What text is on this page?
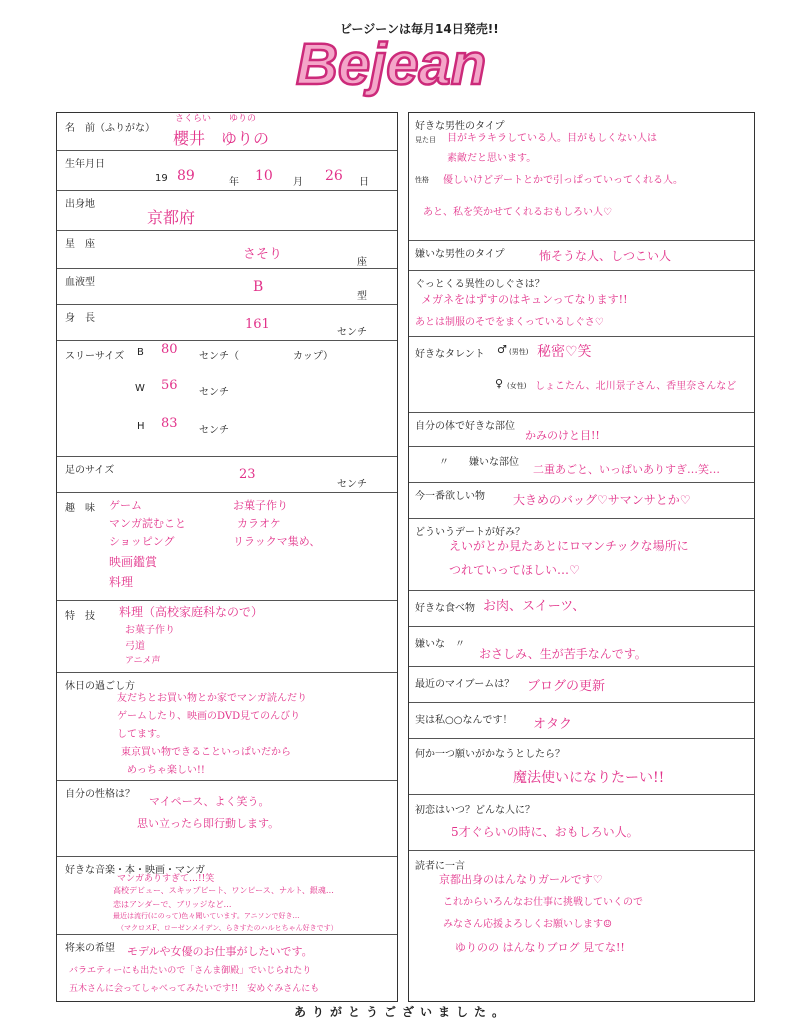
ビージーンは毎月14日発売!!
Bejean
名　前（ふりがな）
さくらい　　ゆりの
櫻井　ゆりの
生年月日
19 89	年 10 月 26 日
出身地
京都府
星　座
さそり
座
血液型	B
型
身　長	161
センチ
スリーサイズ B 80 センチ（	カップ）
W 56 センチ
H 83 センチ
足のサイズ	23
センチ
趣　味 ゲーム
マンガ読むこと
ショッピング
映画鑑賞
料理
お菓子作り
カラオケ
リラックマ集め、
特　技 料理（高校家庭科なので）
お菓子作り
弓道
アニメ声
休日の過ごし方
友だちとお買い物とか家でマンガ読んだり
ゲームしたり、映画のDVD見てのんびり
してます。
東京買い物できることいっぱいだから
めっちゃ楽しい!!
自分の性格は？
マイペース、よく笑う。
思い立ったら即行動します。
好きな音楽・本・映画・マンガ
マンガありすぎて…!!笑
高校デビュー、スキップビート、ワンピース、ナルト、銀魂…
恋はアンダーで、ブリッジなど…
最近は流行(にのって)色々聞いています。アニソンで好き…
（マクロスF、ローゼンメイデン、らきすたのハルヒちゃん好きです）
将来の希望 モデルや女優のお仕事がしたいです。
バラエティーにも出たいので「さんま御殿」でいじられたり
五木さんに会ってしゃべってみたいです!!　安めぐみさんにも
好きな男性のタイプ
見た目 目がキラキラしている人。目がもしくない人は
素敵だと思います。
性格 優しいけどデートとかで引っぱっていってくれる人。
あと、私を笑かせてくれるおもしろい人♡
嫌いな男性のタイプ	怖そうな人、しつこい人
ぐっとくる異性のしぐさは？
メガネをはずすのはキュンってなります!!
あとは制服のそでをまくっているしぐさ♡
好きなタレント ♂ (男性) 秘密♡笑
♀ (女性) しょこたん、北川景子さん、香里奈さんなど
自分の体で好きな部位
かみのけと目!!
〃 嫌いな部位
二重あごと、いっぱいありすぎ…笑…
今一番欲しい物 大きめのバッグ♡サマンサとか♡
どういうデートが好み？
えいがとか見たあとにロマンチックな場所に
つれていってほしい…♡
好きな食べ物 お肉、スイーツ、
嫌いな　〃
おさしみ、生が苦手なんです。
最近のマイブームは？ ブログの更新
実は私○○なんです！ オタク
何か一つ願いがかなうとしたら？
魔法使いになりたーい!!
初恋はいつ？どんな人に？
5才ぐらいの時に、おもしろい人。
読者に一言
京都出身のはんなりガールです♡
これからいろんなお仕事に挑戦していくので
みなさん応援よろしくお願いします☺
ゆりのの はんなりブログ 見てな!!
ありがとうございました。
